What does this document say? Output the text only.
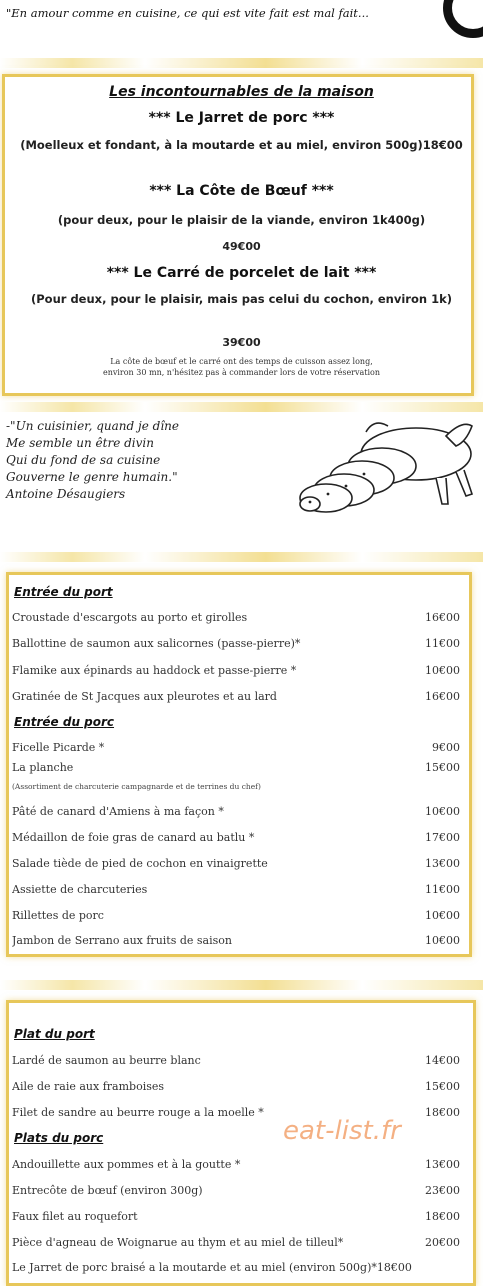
"En amour comme en cuisine, ce qui est vite fait est mal fait...
Les incontournables de la maison
*** Le Jarret de porc ***
(Moelleux et fondant, à la moutarde et au miel, environ 500g)18€00
*** La Côte de Bœuf ***
(pour deux, pour le plaisir de la viande, environ 1k400g)
49€00
*** Le Carré de porcelet de lait ***
(Pour deux, pour le plaisir, mais pas celui du cochon, environ 1k)
39€00
La côte de bœuf et le carré ont des temps de cuisson assez long,
environ 30 mn, n'hésitez pas à commander lors de votre réservation
-"Un cuisinier, quand je dîne
Me semble un être divin
Qui du fond de sa cuisine
Gouverne le genre humain."
Antoine Désaugiers
Entrée du port
Croustade d'escargots au porto et girolles	16€00
Ballottine de saumon aux salicornes (passe-pierre)*	11€00
Flamike aux épinards au haddock et passe-pierre *	10€00
Gratinée de St Jacques aux pleurotes et au lard	16€00
Entrée du porc
Ficelle Picarde *	9€00
La planche	15€00
(Assortiment de charcuterie campagnarde et de terrines du chef)
Pâté de canard d'Amiens à ma façon *	10€00
Médaillon de foie gras de canard au batlu *	17€00
Salade tiède de pied de cochon en vinaigrette	13€00
Assiette de charcuteries	11€00
Rillettes de porc	10€00
Jambon de Serrano aux fruits de saison	10€00
Plat du port
Lardé de saumon au beurre blanc	14€00
Aile de raie aux framboises	15€00
Filet de sandre au beurre rouge a la moelle *	18€00
Plats du porc
Andouillette aux pommes et à la goutte *	13€00
Entrecôte de bœuf (environ 300g)	23€00
Faux filet au roquefort	18€00
Pièce d'agneau de Woignarue au thym et au miel de tilleul*	20€00
Le Jarret de porc braisé a la moutarde et au miel (environ 500g)*18€00
eat-list.fr
